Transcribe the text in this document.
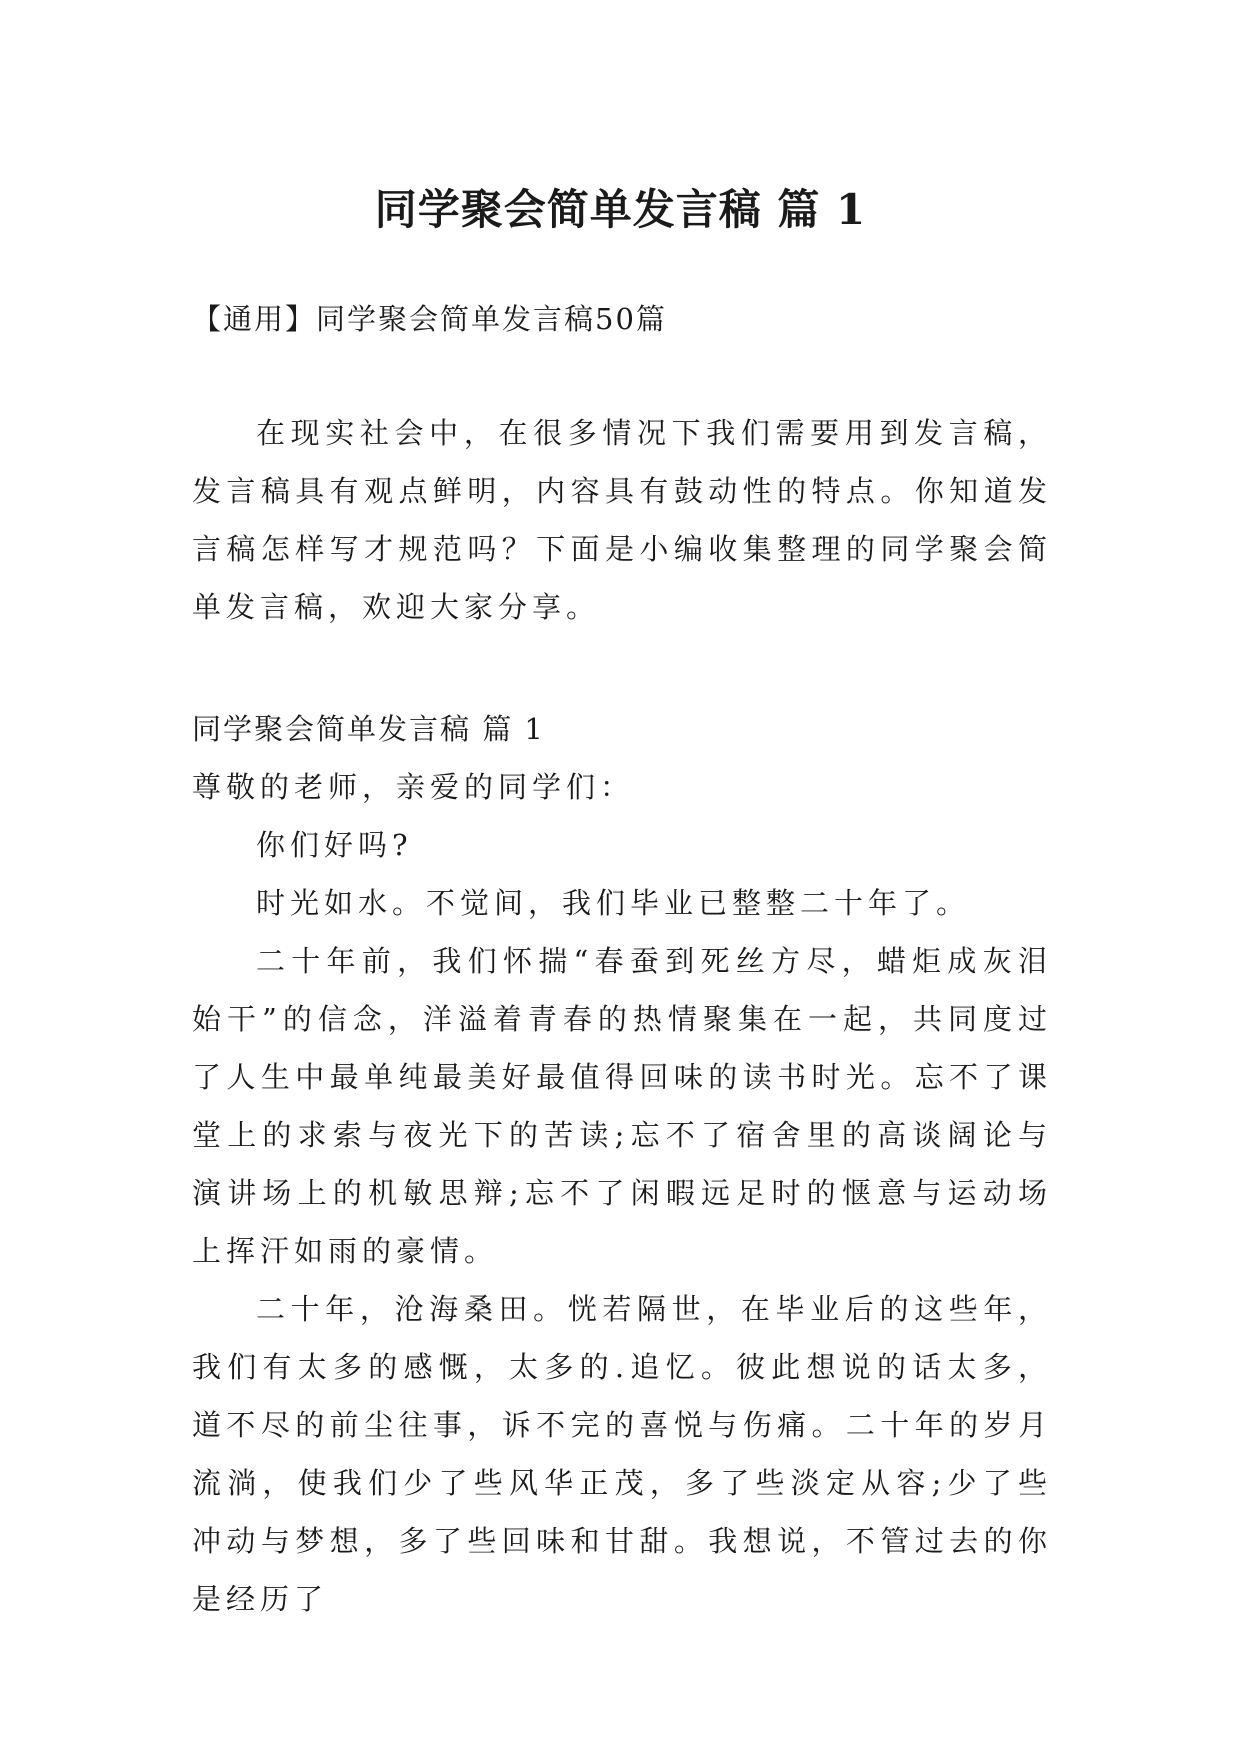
同学聚会简单发言稿 篇 1

【通用】同学聚会简单发言稿50篇

在现实社会中，在很多情况下我们需要用到发言稿，发言稿具有观点鲜明，内容具有鼓动性的特点。你知道发言稿怎样写才规范吗？下面是小编收集整理的同学聚会简单发言稿，欢迎大家分享。

同学聚会简单发言稿 篇 1

尊敬的老师，亲爱的同学们：

你们好吗?

时光如水。不觉间，我们毕业已整整二十年了。

二十年前，我们怀揣“春蚕到死丝方尽，蜡炬成灰泪始干”的信念，洋溢着青春的热情聚集在一起，共同度过了人生中最单纯最美好最值得回味的读书时光。忘不了课堂上的求索与夜光下的苦读;忘不了宿舍里的高谈阔论与演讲场上的机敏思辩;忘不了闲暇远足时的惬意与运动场上挥汗如雨的豪情。

二十年，沧海桑田。恍若隔世，在毕业后的这些年，我们有太多的感慨，太多的.追忆。彼此想说的话太多，道不尽的前尘往事，诉不完的喜悦与伤痛。二十年的岁月流淌，使我们少了些风华正茂，多了些淡定从容;少了些冲动与梦想，多了些回味和甘甜。我想说，不管过去的你是经历了
